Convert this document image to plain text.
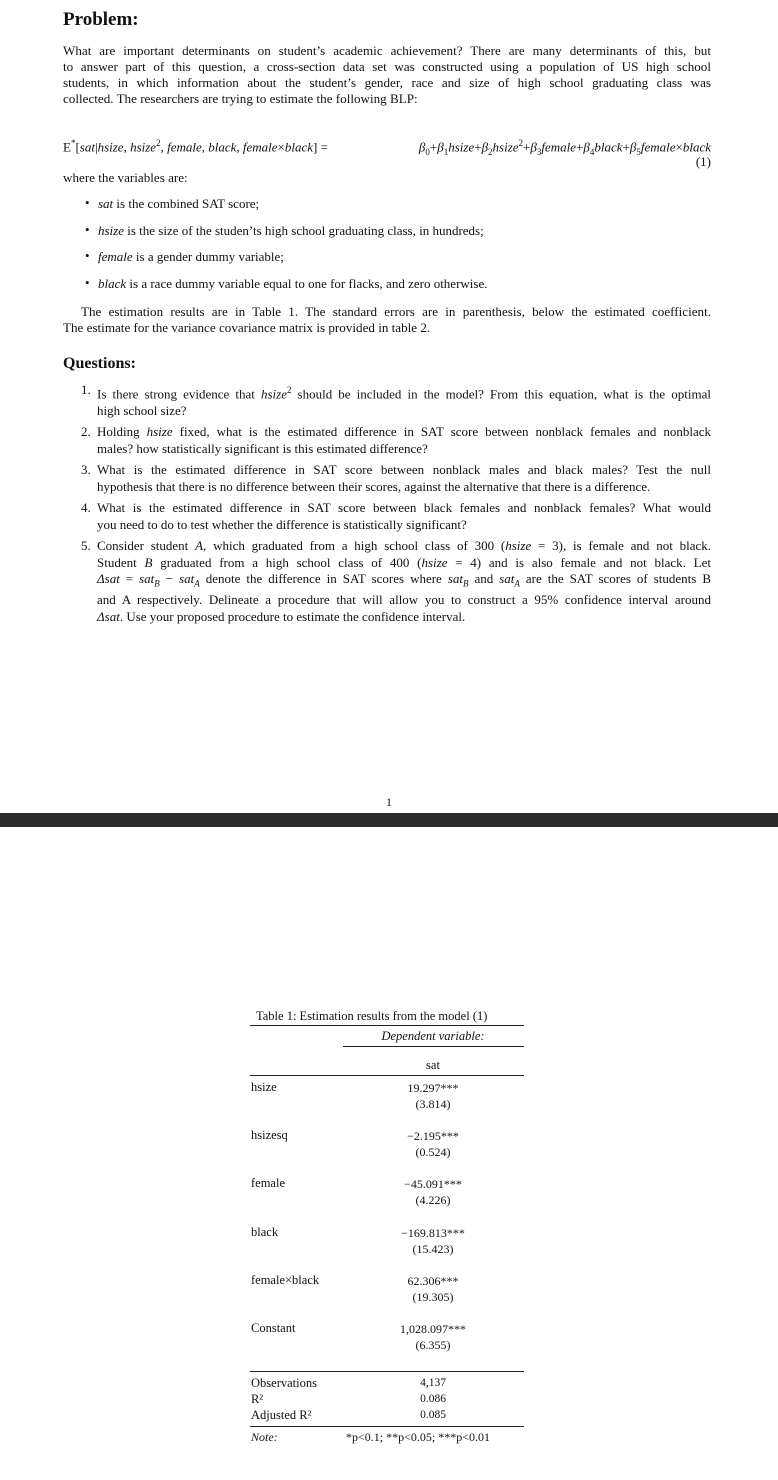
Problem:
What are important determinants on student’s academic achievement? There are many determinants of this, but
to answer part of this question, a cross-section data set was constructed using a population of US high school
students, in which information about the student’s gender, race and size of high school graduating class was
collected. The researchers are trying to estimate the following BLP:
E*[sat|hsize, hsize$^2$, female, black, female×black] =	$\beta_0+\beta_1hsize+\beta_2hsize^2+\beta_3female+\beta_4black+\beta_5female\times black$
(1)
where the variables are:
• sat is the combined SAT score;
• hsize is the size of the studen’ts high school graduating class, in hundreds;
• female is a gender dummy variable;
• black is a race dummy variable equal to one for flacks, and zero otherwise.
The estimation results are in Table 1. The standard errors are in parenthesis, below the estimated coefficient.
The estimate for the variance covariance matrix is provided in table 2.
Questions:
1. Is there strong evidence that hsize$^2$ should be included in the model? From this equation, what is the optimal
high school size?
2. Holding hsize fixed, what is the estimated difference in SAT score between nonblack females and nonblack
males? how statistically significant is this estimated difference?
3. What is the estimated difference in SAT score between nonblack males and black males? Test the null
hypothesis that there is no difference between their scores, against the alternative that there is a difference.
4. What is the estimated difference in SAT score between black females and nonblack females? What would
you need to do to test whether the difference is statistically significant?
5. Consider student A, which graduated from a high school class of 300 (hsize = 3), is female and not black.
Student B graduated from a high school class of 400 (hsize = 4) and is also female and not black. Let
Δsat = sat$_B$ − sat$_A$ denote the difference in SAT scores where sat$_B$ and sat$_A$ are the SAT scores of students B
and A respectively. Delineate a procedure that will allow you to construct a 95% confidence interval around
Δsat. Use your proposed procedure to estimate the confidence interval.
1
Table 1: Estimation results from the model (1)
Dependent variable:
sat
hsize	19.297***
(3.814)
hsizesq	−2.195***
(0.524)
female	−45.091***
(4.226)
black	−169.813***
(15.423)
female×black	62.306***
(19.305)
Constant	1,028.097***
(6.355)
Observations	4,137
R²	0.086
Adjusted R²	0.085
Note:	*p<0.1; **p<0.05; ***p<0.01
